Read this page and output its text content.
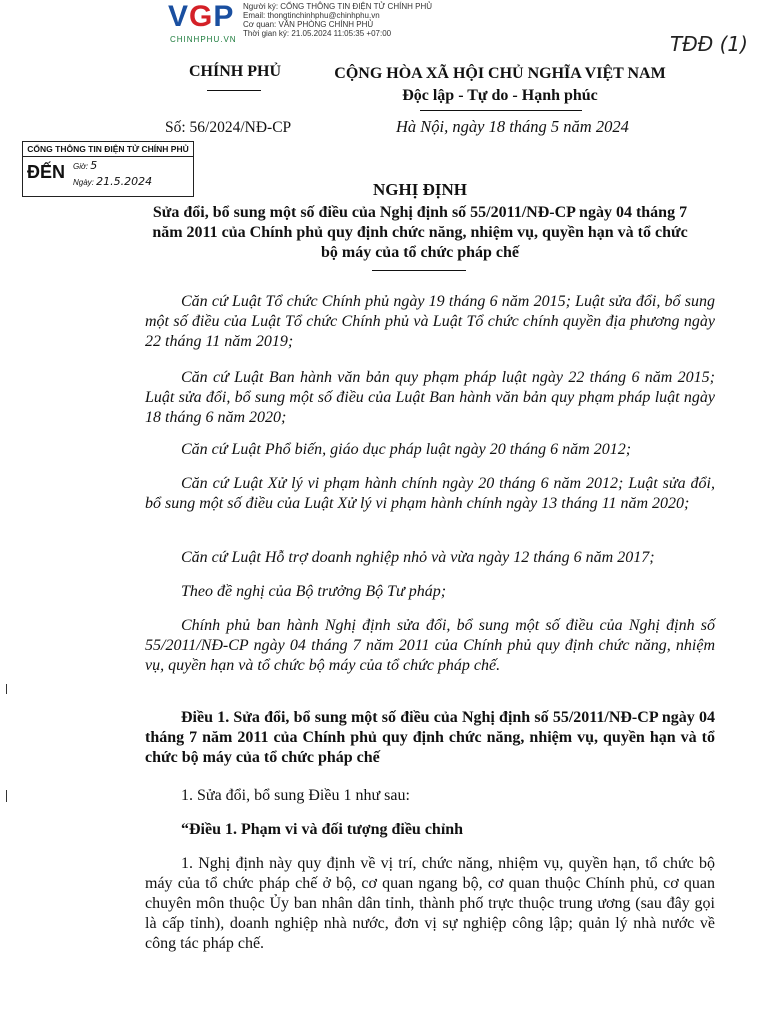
VGP
CHINHPHU.VN
Người ký: CỔNG THÔNG TIN ĐIỆN TỬ CHÍNH PHỦ
Email: thongtinchinhphu@chinhphu.vn
Cơ quan: VĂN PHÒNG CHÍNH PHỦ
Thời gian ký: 21.05.2024 11:05:35 +07:00	TĐĐ (1)
CHÍNH PHỦ	CỘNG HÒA XÃ HỘI CHỦ NGHĨA VIỆT NAM
Độc lập - Tự do - Hạnh phúc
Số: 56/2024/NĐ-CP	Hà Nội, ngày 18 tháng 5 năm 2024
CỔNG THÔNG TIN ĐIỆN TỬ CHÍNH PHỦ
ĐẾN Giờ: 5
Ngày: 21.5.2024	NGHỊ ĐỊNH
Sửa đổi, bổ sung một số điều của Nghị định số 55/2011/NĐ-CP ngày 04 tháng 7 năm 2011 của Chính phủ quy định chức năng, nhiệm vụ, quyền hạn và tổ chức bộ máy của tổ chức pháp chế
Căn cứ Luật Tổ chức Chính phủ ngày 19 tháng 6 năm 2015; Luật sửa đổi, bổ sung một số điều của Luật Tổ chức Chính phủ và Luật Tổ chức chính quyền địa phương ngày 22 tháng 11 năm 2019;
Căn cứ Luật Ban hành văn bản quy phạm pháp luật ngày 22 tháng 6 năm 2015; Luật sửa đổi, bổ sung một số điều của Luật Ban hành văn bản quy phạm pháp luật ngày 18 tháng 6 năm 2020;
Căn cứ Luật Phổ biến, giáo dục pháp luật ngày 20 tháng 6 năm 2012;
Căn cứ Luật Xử lý vi phạm hành chính ngày 20 tháng 6 năm 2012; Luật sửa đổi, bổ sung một số điều của Luật Xử lý vi phạm hành chính ngày 13 tháng 11 năm 2020;
Căn cứ Luật Hỗ trợ doanh nghiệp nhỏ và vừa ngày 12 tháng 6 năm 2017;
Theo đề nghị của Bộ trưởng Bộ Tư pháp;
Chính phủ ban hành Nghị định sửa đổi, bổ sung một số điều của Nghị định số 55/2011/NĐ-CP ngày 04 tháng 7 năm 2011 của Chính phủ quy định chức năng, nhiệm vụ, quyền hạn và tổ chức bộ máy của tổ chức pháp chế.
Điều 1. Sửa đổi, bổ sung một số điều của Nghị định số 55/2011/NĐ-CP ngày 04 tháng 7 năm 2011 của Chính phủ quy định chức năng, nhiệm vụ, quyền hạn và tổ chức bộ máy của tổ chức pháp chế
1. Sửa đổi, bổ sung Điều 1 như sau:
“Điều 1. Phạm vi và đối tượng điều chỉnh
1. Nghị định này quy định về vị trí, chức năng, nhiệm vụ, quyền hạn, tổ chức bộ máy của tổ chức pháp chế ở bộ, cơ quan ngang bộ, cơ quan thuộc Chính phủ, cơ quan chuyên môn thuộc Ủy ban nhân dân tỉnh, thành phố trực thuộc trung ương (sau đây gọi là cấp tỉnh), doanh nghiệp nhà nước, đơn vị sự nghiệp công lập; quản lý nhà nước về công tác pháp chế.
